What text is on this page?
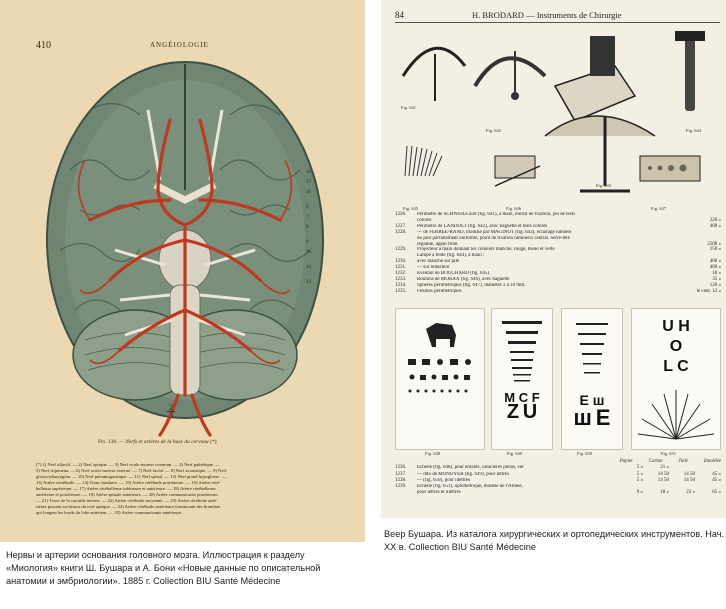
410	ANGÉIOLOGIE
16
17
18
6
7
8
9
10
14
13
2
3
Fig. 130. — Nerfs et artères de la base du cerveau (*).
(*) 1) Nerf olfactif. — 2) Nerf optique. — 3) Nerf oculo-moteur commun. — 4) Nerf pathétique. —
5) Nerf trijumeau. — 6) Nerf oculo-moteur externe. — 7) Nerf facial. — 8) Nerf acoustique. — 9) Nerf
glosso-pharyngien. — 10) Nerf pneumogastrique. — 11) Nerf spinal. — 12) Nerf grand hypoglosse. —
13) Artère vertébrale. — 14) Tronc basilaire. — 15) Artère cérébrale postérieure. — 16) Artère céré-
belleuse supérieure. — 17) Artère cérébelleuse inférieure et antérieure. — 18) Artère cérébelleuse
antérieure et postérieure. — 19) Artère spinale antérieure. — 20) Artère communicante postérieure.
— 21) Tronc de la carotide interne. — 22) Artère cérébrale moyenne. — 23) Artère cérébrale anté-
rieure passant au-dessus du nerf optique. — 24) Artère cérébrale antérieure fournissant des branches
qui longent les bords du lobe antérieur. — 25) Artère communicante antérieure.
84	H. BRODARD — Instruments de Chirurgie
Fig. 641
Fig. 642
Fig. 643
Fig. 644
Fig. 645	Fig. 646	Fig. 647
1226.	Périmètre de SCHWEIGGER (fig. 641), à main, miroir de fixation, jeu de tests
colorés	220 »
1227.	Périmètre de LANDOLT (fig. 642), avec baguette et tests colorés	400 »
1228.	— de FERREE-RAND, modifié par MAGINOT (fig. 643), éclairage lumière
du jour parfaitement uniforme, point de fixation lumineux central. Serre-tête
réglable, appui front	2500 »
1229.	Projecteur à main donnant les couleurs blanche, rouge, bleue et verte	150 »
Lampe à fente (fig. 644), à main :
1230.	avec manche sur pile	400 »
1231.	— sur réducteur	400 »
1232.	Eventail de BOUCHARD (fig. 645)	18 »
1233.	Boutons de MORAX (fig. 646), avec baguette	35 »
1234.	Sphères périmétriques (fig. 647), diamètre 2 à 10 mm.	120 »
1235.	Feuilles périmétriques	le cent. 12 »
M C F
Z U
E ш
ш E
U H
O
L C
Fig. 648	Fig. 649	Fig. 650	Fig. 651
Papier	Carton	Toile	Emaillée
1236.	Echelle (fig. 648), pour enfants, caractères pleins, sur	5 »	21 »
1237.	— dito de MONOYER (fig. 649), pour lettrés	5 »	14 50	14 50	45 »
1238.	— (fig. 650), pour illettrés	5 »	14 50	14 50	45 »
1239.	Echelle (fig. 651), optométrique, modèle de l'Armée,
pour lettrés et illettrés	9 »	18 »	23 »	65 »
Нервы и артерии основания головного мозга. Иллюстрация к разделу «Миология» книги Ш. Бушара и А. Бони «Новые данные по описательной анатомии и эмбриологии». 1885 г. Collection BIU Santé Médecine
Веер Бушара. Из каталога хирургических и ортопедических инструментов. Нач. XX в. Collection BIU Santé Médecine
